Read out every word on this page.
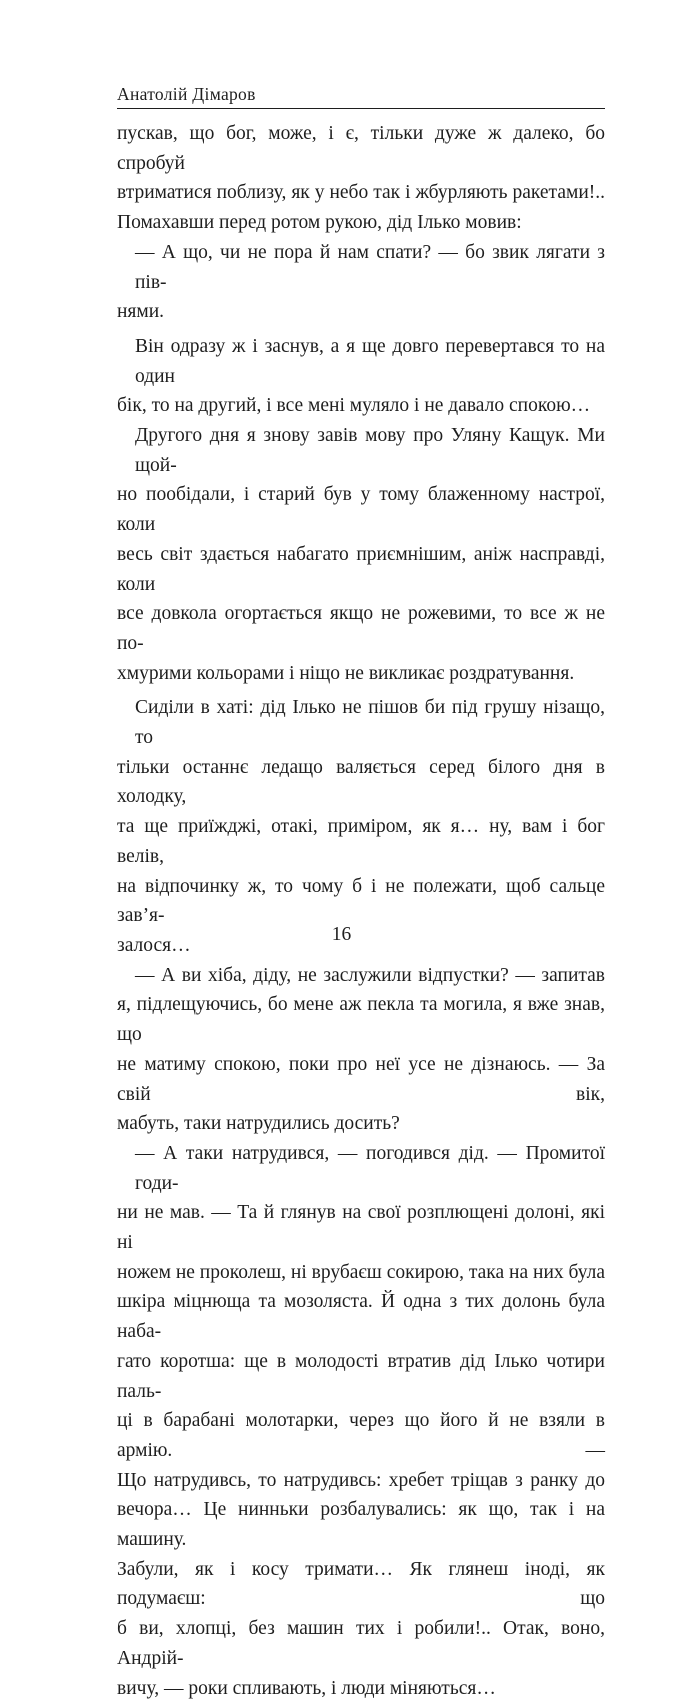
Анатолій Дімаров

пускав, що бог, може, і є, тільки дуже ж далеко, бо спробуй

втриматися поблизу, як у небо так і жбурляють ракетами!..

Помахавши перед ротом рукою, дід Ілько мовив:

— А що, чи не пора й нам спати? — бо звик лягати з пів-

нями.

Він одразу ж і заснув, а я ще довго перевертався то на один

бік, то на другий, і все мені муляло і не давало спокою…

Другого дня я знову завів мову про Уляну Кащук. Ми щой-

но пообідали, і старий був у тому блаженному настрої, коли

весь світ здається набагато приємнішим, аніж насправді, коли

все довкола огортається якщо не рожевими, то все ж не по-

хмурими кольорами і ніщо не викликає роздратування.

Сиділи в хаті: дід Ілько не пішов би під грушу нізащо, то

тільки останнє ледащо валяється серед білого дня в холодку,

та ще приїжджі, отакі, приміром, як я… ну, вам і бог велів,

на відпочинку ж, то чому б і не полежати, щоб сальце зав’я-

залося…

— А ви хіба, діду, не заслужили відпустки? — запитав

я, підлещуючись, бо мене аж пекла та могила, я вже знав, що

не матиму спокою, поки про неї усе не дізнаюсь. — За свій вік,

мабуть, таки натрудились досить?

— А таки натрудився, — погодився дід. — Промитої годи-

ни не мав. — Та й глянув на свої розплющені долоні, які ні

ножем не проколеш, ні врубаєш сокирою, така на них була

шкіра міцнюща та мозоляста. Й одна з тих долонь була наба-

гато коротша: ще в молодості втратив дід Ілько чотири паль-

ці в барабані молотарки, через що його й не взяли в армію. —

Що натрудивсь, то натрудивсь: хребет тріщав з ранку до

вечора… Це нинньки розбалувались: як що, так і на машину.

Забули, як і косу тримати… Як глянеш іноді, як подумаєш: що

б ви, хлопці, без машин тих і робили!.. Отак, воно, Андрій-

вичу, — роки спливають, і люди міняються…

16
